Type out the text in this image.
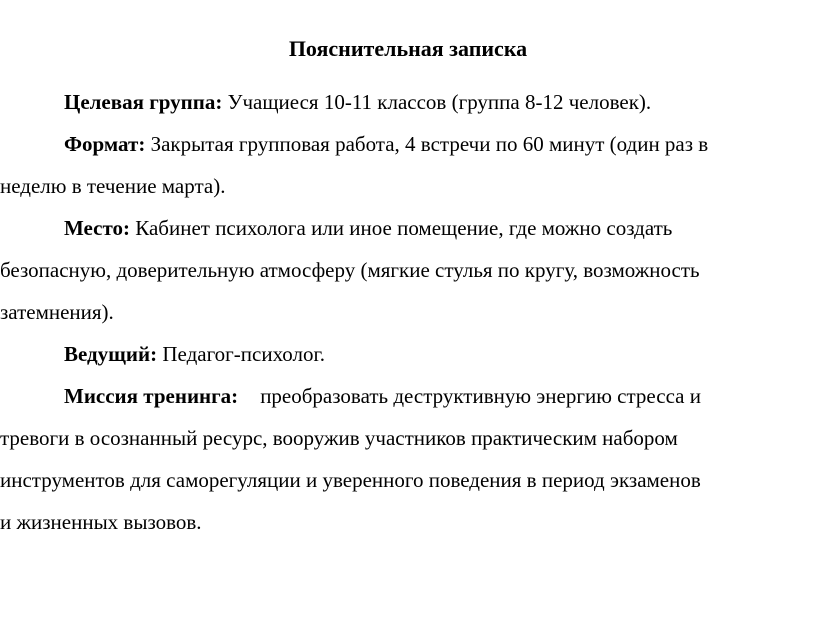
Пояснительная записка
Целевая группа: Учащиеся 10-11 классов (группа 8-12 человек).
Формат: Закрытая групповая работа, 4 встречи по 60 минут (один раз в
неделю в течение марта).
Место: Кабинет психолога или иное помещение, где можно создать
безопасную, доверительную атмосферу (мягкие стулья по кругу, возможность
затемнения).
Ведущий: Педагог-психолог.
Миссия тренинга: преобразовать деструктивную энергию стресса и
тревоги в осознанный ресурс, вооружив участников практическим набором
инструментов для саморегуляции и уверенного поведения в период экзаменов
и жизненных вызовов.
